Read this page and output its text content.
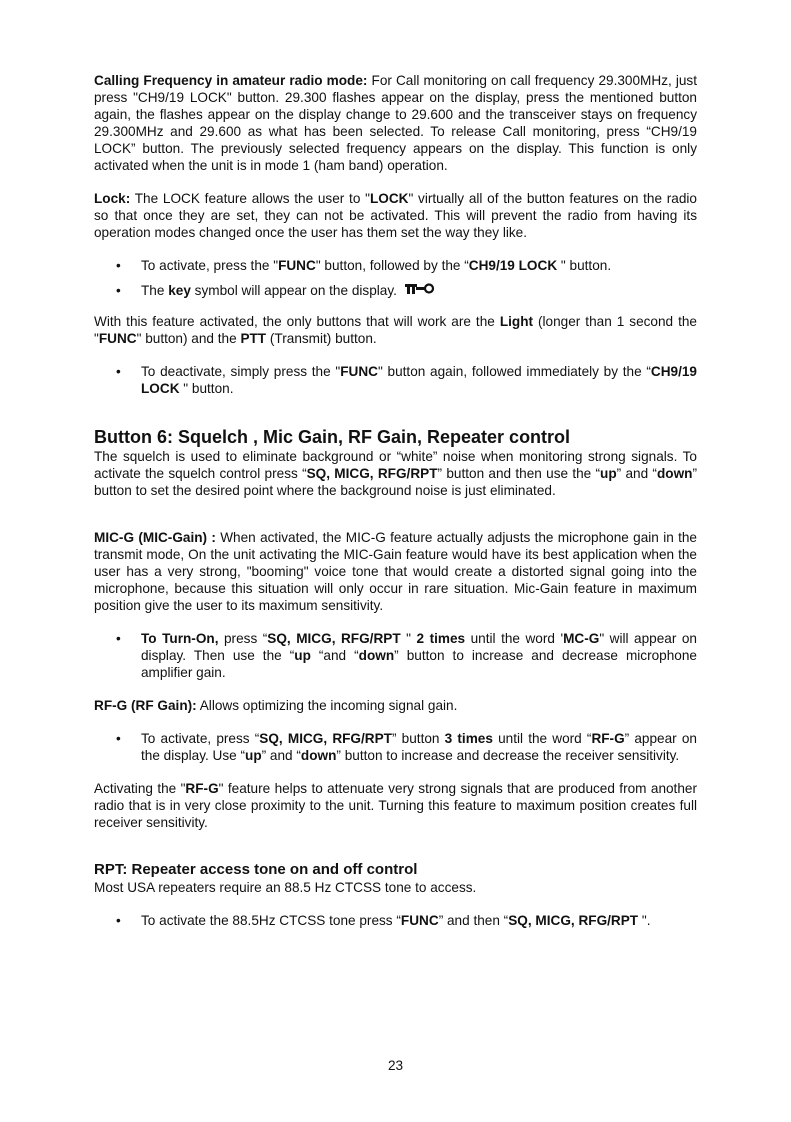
Calling Frequency in amateur radio mode: For Call monitoring on call frequency 29.300MHz, just press "CH9/19 LOCK" button. 29.300 flashes appear on the display, press the mentioned button again, the flashes appear on the display change to 29.600 and the transceiver stays on frequency 29.300MHz and 29.600 as what has been selected. To release Call monitoring, press “CH9/19 LOCK” button. The previously selected frequency appears on the display. This function is only activated when the unit is in mode 1 (ham band) operation.

Lock: The LOCK feature allows the user to "LOCK" virtually all of the button features on the radio so that once they are set, they can not be activated. This will prevent the radio from having its operation modes changed once the user has them set the way they like.

• To activate, press the "FUNC" button, followed by the “CH9/19 LOCK " button.
• The key symbol will appear on the display.

With this feature activated, the only buttons that will work are the Light (longer than 1 second the "FUNC" button) and the PTT (Transmit) button.

• To deactivate, simply press the "FUNC" button again, followed immediately by the “CH9/19 LOCK " button.
Button 6: Squelch , Mic Gain, RF Gain, Repeater control

The squelch is used to eliminate background or “white” noise when monitoring strong signals. To activate the squelch control press “SQ, MICG, RFG/RPT” button and then use the “up” and “down” button to set the desired point where the background noise is just eliminated.

MIC-G (MIC-Gain) : When activated, the MIC-G feature actually adjusts the microphone gain in the transmit mode, On the unit activating the MIC-Gain feature would have its best application when the user has a very strong, "booming" voice tone that would create a distorted signal going into the microphone, because this situation will only occur in rare situation. Mic-Gain feature in maximum position give the user to its maximum sensitivity.

• To Turn-On, press “SQ, MICG, RFG/RPT " 2 times until the word 'MC-G" will appear on display. Then use the “up “and “down” button to increase and decrease microphone amplifier gain.

RF-G (RF Gain): Allows optimizing the incoming signal gain.

• To activate, press “SQ, MICG, RFG/RPT” button 3 times until the word “RF-G” appear on the display. Use “up” and “down” button to increase and decrease the receiver sensitivity.

Activating the "RF-G" feature helps to attenuate very strong signals that are produced from another radio that is in very close proximity to the unit. Turning this feature to maximum position creates full receiver sensitivity.

RPT: Repeater access tone on and off control

Most USA repeaters require an 88.5 Hz CTCSS tone to access.

• To activate the 88.5Hz CTCSS tone press “FUNC” and then “SQ, MICG, RFG/RPT ".
23
